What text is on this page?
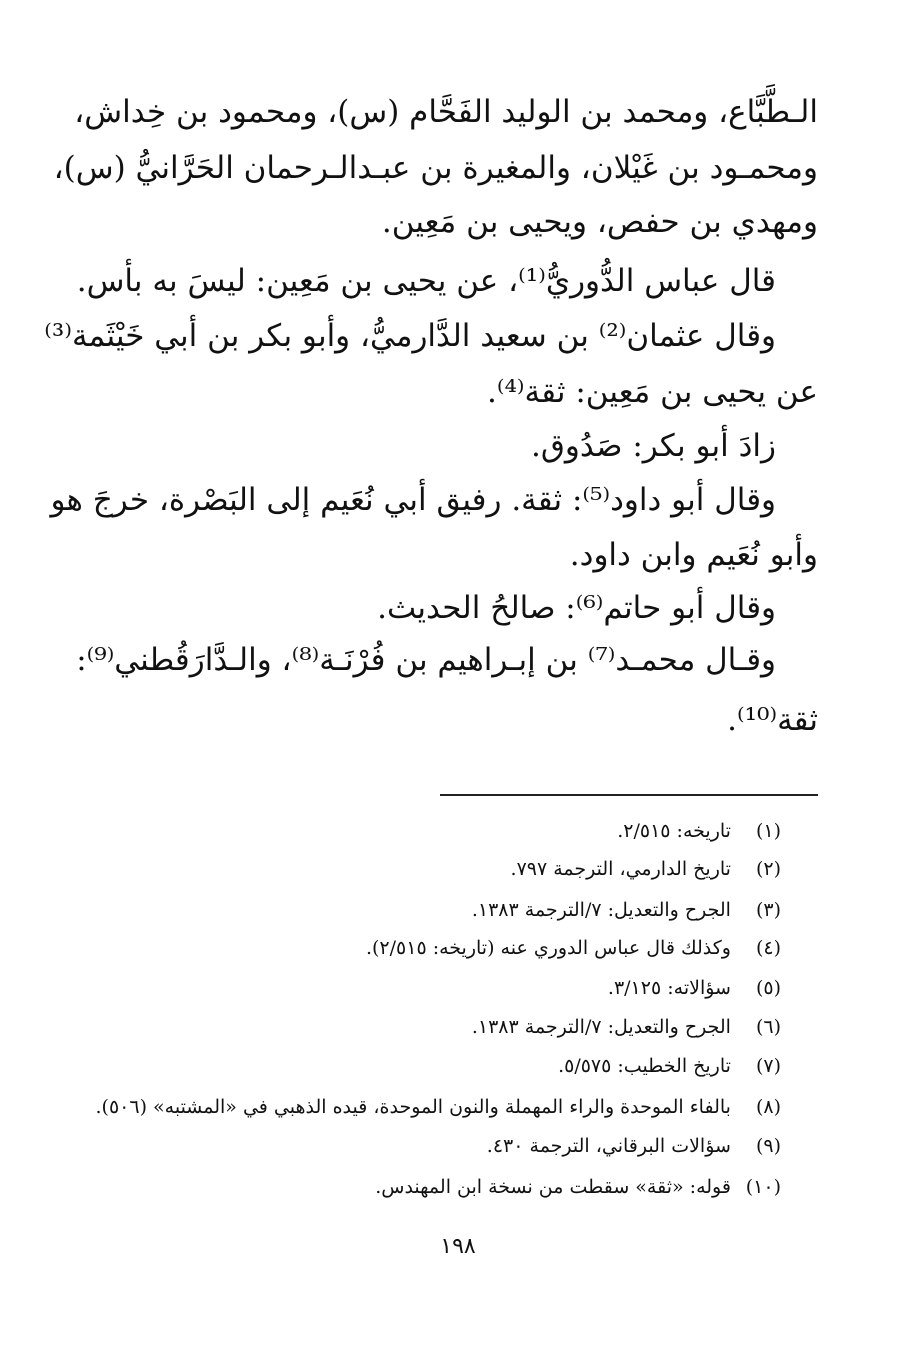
الـطَّبَّاع، ومحمد بن الوليد الفَحَّام (س)، ومحمود بن خِداش،
ومحمـود بن غَيْلان، والمغيرة بن عبـدالـرحمان الحَرَّانيُّ (س)،
ومهدي بن حفص، ويحيى بن مَعِين.
قال عباس الدُّوريُّ⁽¹⁾، عن يحيى بن مَعِين: ليسَ به بأس.
وقال عثمان⁽²⁾ بن سعيد الدَّارميُّ، وأبو بكر بن أبي خَيْثَمة⁽³⁾
عن يحيى بن مَعِين: ثقة⁽⁴⁾.
زادَ أبو بكر: صَدُوق.
وقال أبو داود⁽⁵⁾: ثقة. رفيق أبي نُعَيم إلى البَصْرة، خرجَ هو
وأبو نُعَيم وابن داود.
وقال أبو حاتم⁽⁶⁾: صالحُ الحديث.
وقـال محمـد⁽⁷⁾ بن إبـراهيم بن فُرْنَـة⁽⁸⁾، والـدَّارَقُطني⁽⁹⁾:
ثقة⁽¹⁰⁾.
(١) تاريخه: ٢/٥١٥.
(٢) تاريخ الدارمي، الترجمة ٧٩٧.
(٣) الجرح والتعديل: ٧/الترجمة ١٣٨٣.
(٤) وكذلك قال عباس الدوري عنه (تاريخه: ٢/٥١٥).
(٥) سؤالاته: ٣/١٢٥.
(٦) الجرح والتعديل: ٧/الترجمة ١٣٨٣.
(٧) تاريخ الخطيب: ٥/٥٧٥.
(٨) بالفاء الموحدة والراء المهملة والنون الموحدة، قيده الذهبي في «المشتبه» (٥٠٦).
(٩) سؤالات البرقاني، الترجمة ٤٣٠.
(١٠) قوله: «ثقة» سقطت من نسخة ابن المهندس.
١٩٨
